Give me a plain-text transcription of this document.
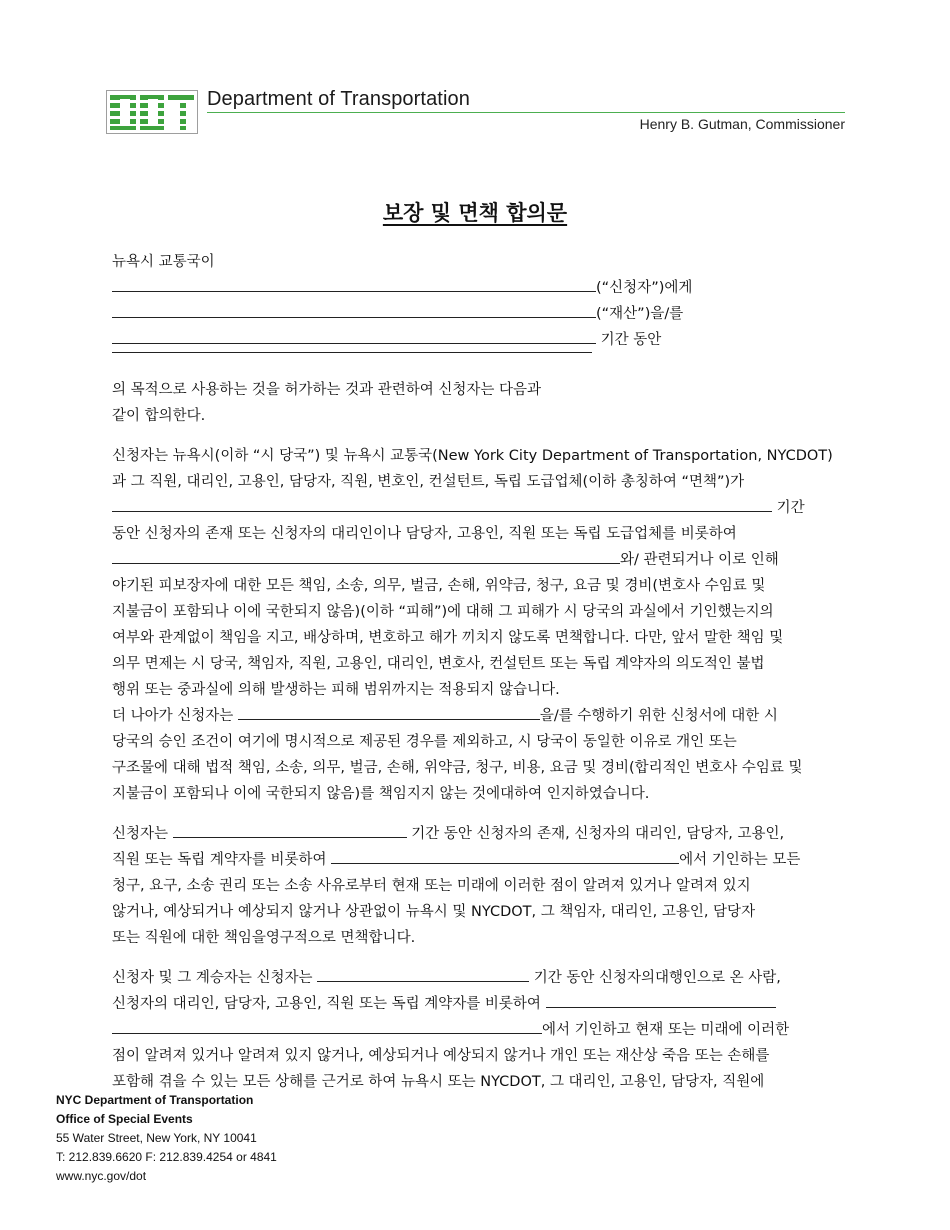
Department of Transportation
Henry B. Gutman, Commissioner
보장 및 면책 합의문
뉴욕시 교통국이
(“신청자”)에게
(“재산”)을/를
기간 동안
의 목적으로 사용하는 것을 허가하는 것과 관련하여 신청자는 다음과
같이 합의한다.
신청자는 뉴욕시(이하 “시 당국”) 및 뉴욕시 교통국(New York City Department of Transportation, NYCDOT)
과 그 직원, 대리인, 고용인, 담당자, 직원, 변호인, 컨설턴트, 독립 도급업체(이하 총칭하여 “면책”)가
기간
동안 신청자의 존재 또는 신청자의 대리인이나 담당자, 고용인, 직원 또는 독립 도급업체를 비롯하여
와/ 관련되거나 이로 인해
야기된 피보장자에 대한 모든 책임, 소송, 의무, 벌금, 손해, 위약금, 청구, 요금 및 경비(변호사 수임료 및
지불금이 포함되나 이에 국한되지 않음)(이하 “피해”)에 대해 그 피해가 시 당국의 과실에서 기인했는지의
여부와 관계없이 책임을 지고, 배상하며, 변호하고 해가 끼치지 않도록 면책합니다. 다만, 앞서 말한 책임 및
의무 면제는 시 당국, 책임자, 직원, 고용인, 대리인, 변호사, 컨설턴트 또는 독립 계약자의 의도적인 불법
행위 또는 중과실에 의해 발생하는 피해 범위까지는 적용되지 않습니다.
더 나아가 신청자는	을/를 수행하기 위한 신청서에 대한 시
당국의 승인 조건이 여기에 명시적으로 제공된 경우를 제외하고, 시 당국이 동일한 이유로 개인 또는
구조물에 대해 법적 책임, 소송, 의무, 벌금, 손해, 위약금, 청구, 비용, 요금 및 경비(합리적인 변호사 수임료 및
지불금이 포함되나 이에 국한되지 않음)를 책임지지 않는 것에대하여 인지하였습니다.
신청자는	기간 동안 신청자의 존재, 신청자의 대리인, 담당자, 고용인,
직원 또는 독립 계약자를 비롯하여	에서 기인하는 모든
청구, 요구, 소송 권리 또는 소송 사유로부터 현재 또는 미래에 이러한 점이 알려져 있거나 알려져 있지
않거나, 예상되거나 예상되지 않거나 상관없이 뉴욕시 및 NYCDOT, 그 책임자, 대리인, 고용인, 담당자
또는 직원에 대한 책임을영구적으로 면책합니다.
신청자 및 그 계승자는 신청자는	기간 동안 신청자의대행인으로 온 사람,
신청자의 대리인, 담당자, 고용인, 직원 또는 독립 계약자를 비롯하여
에서 기인하고 현재 또는 미래에 이러한
점이 알려져 있거나 알려져 있지 않거나, 예상되거나 예상되지 않거나 개인 또는 재산상 죽음 또는 손해를
포함해 겪을 수 있는 모든 상해를 근거로 하여 뉴욕시 또는 NYCDOT, 그 대리인, 고용인, 담당자, 직원에
NYC Department of Transportation
Office of Special Events
55 Water Street, New York, NY 10041
T: 212.839.6620 F: 212.839.4254 or 4841
www.nyc.gov/dot
